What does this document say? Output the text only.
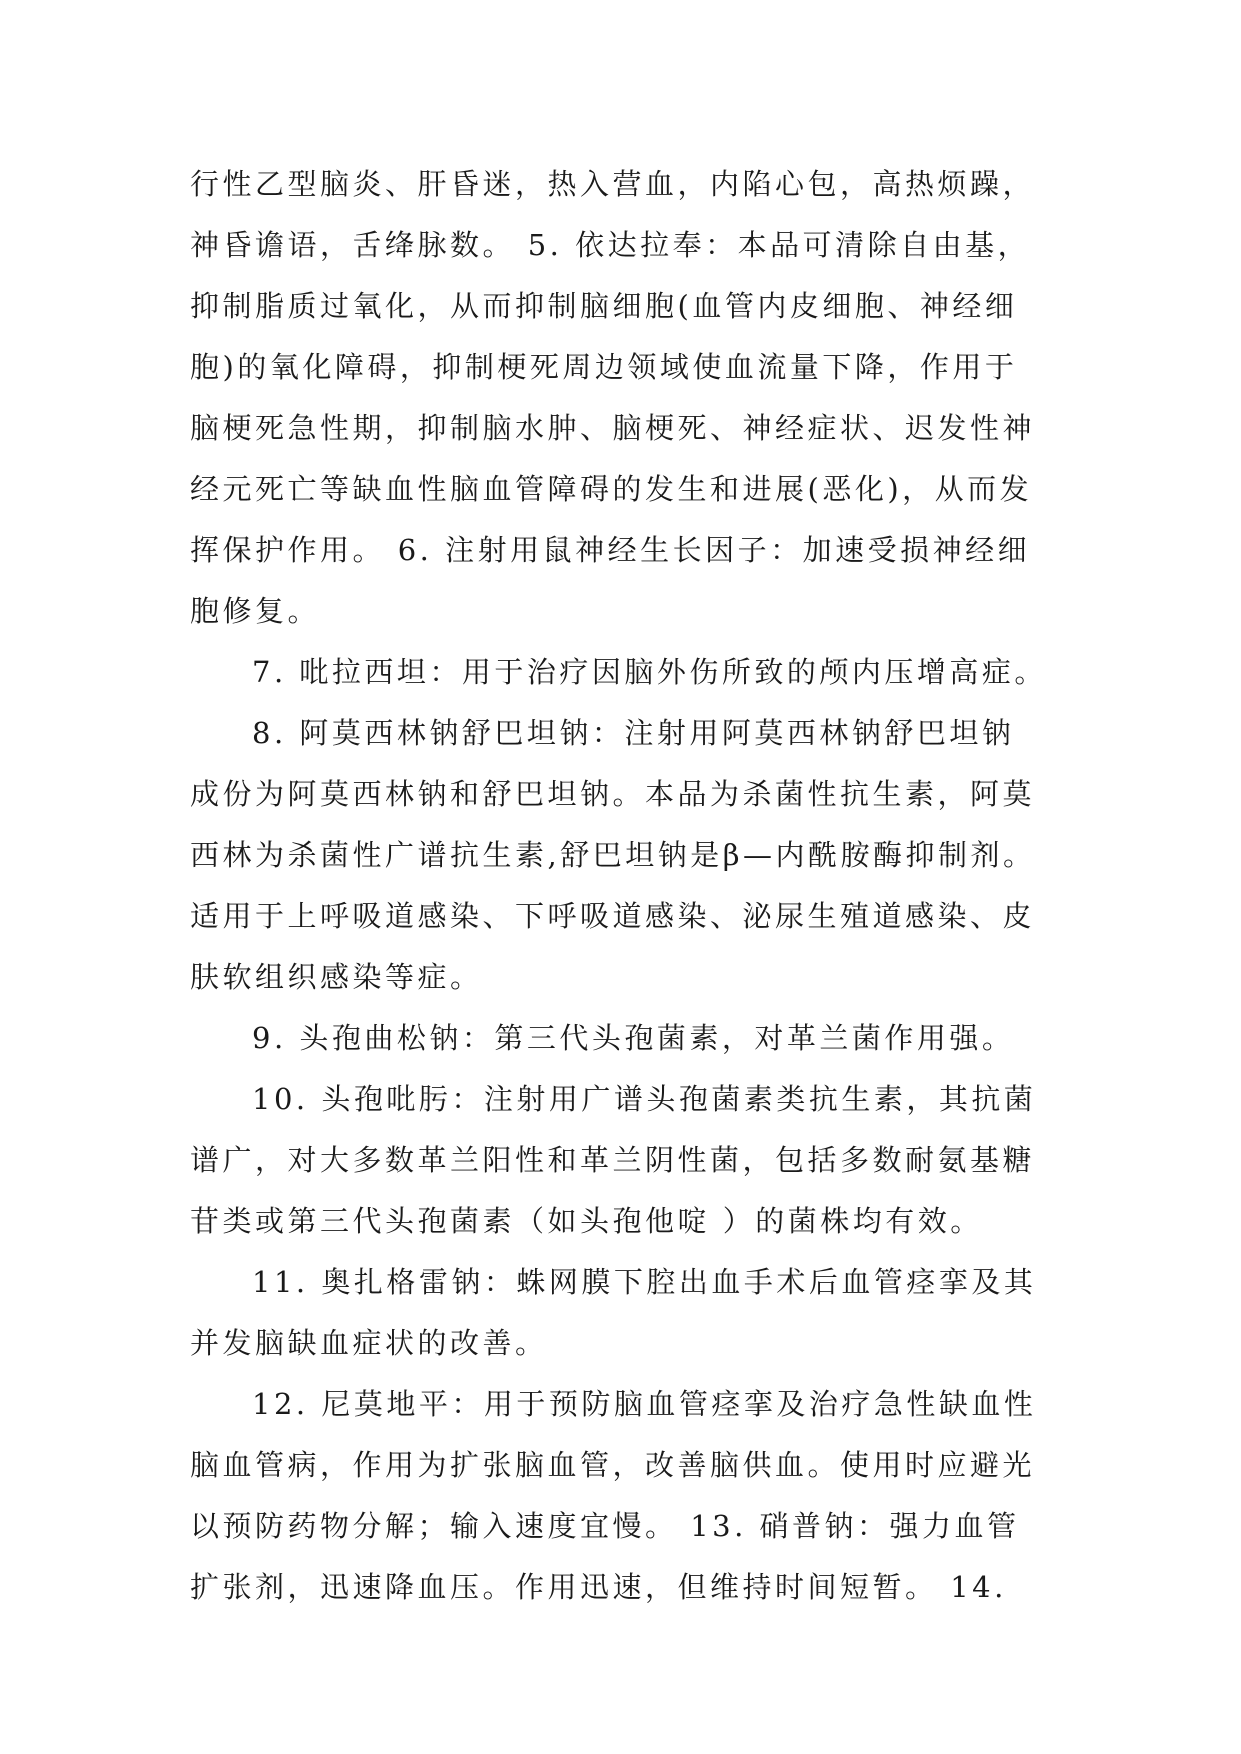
行性乙型脑炎、肝昏迷，热入营血，内陷心包，高热烦躁，
神昏谵语，舌绛脉数。 5. 依达拉奉：本品可清除自由基，
抑制脂质过氧化，从而抑制脑细胞(血管内皮细胞、神经细
胞)的氧化障碍，抑制梗死周边领域使血流量下降，作用于
脑梗死急性期，抑制脑水肿、脑梗死、神经症状、迟发性神
经元死亡等缺血性脑血管障碍的发生和进展(恶化)，从而发
挥保护作用。 6. 注射用鼠神经生长因子：加速受损神经细
胞修复。
7. 吡拉西坦：用于治疗因脑外伤所致的颅内压增高症。
8. 阿莫西林钠舒巴坦钠：注射用阿莫西林钠舒巴坦钠
成份为阿莫西林钠和舒巴坦钠。本品为杀菌性抗生素，阿莫
西林为杀菌性广谱抗生素,舒巴坦钠是β—内酰胺酶抑制剂。
适用于上呼吸道感染、下呼吸道感染、泌尿生殖道感染、皮
肤软组织感染等症。
9. 头孢曲松钠：第三代头孢菌素，对革兰菌作用强。
10. 头孢吡肟：注射用广谱头孢菌素类抗生素，其抗菌
谱广，对大多数革兰阳性和革兰阴性菌，包括多数耐氨基糖
苷类或第三代头孢菌素（如头孢他啶 ）的菌株均有效。
11. 奥扎格雷钠：蛛网膜下腔出血手术后血管痉挛及其
并发脑缺血症状的改善。
12. 尼莫地平：用于预防脑血管痉挛及治疗急性缺血性
脑血管病，作用为扩张脑血管，改善脑供血。使用时应避光
以预防药物分解；输入速度宜慢。 13. 硝普钠：强力血管
扩张剂，迅速降血压。作用迅速，但维持时间短暂。 14.
